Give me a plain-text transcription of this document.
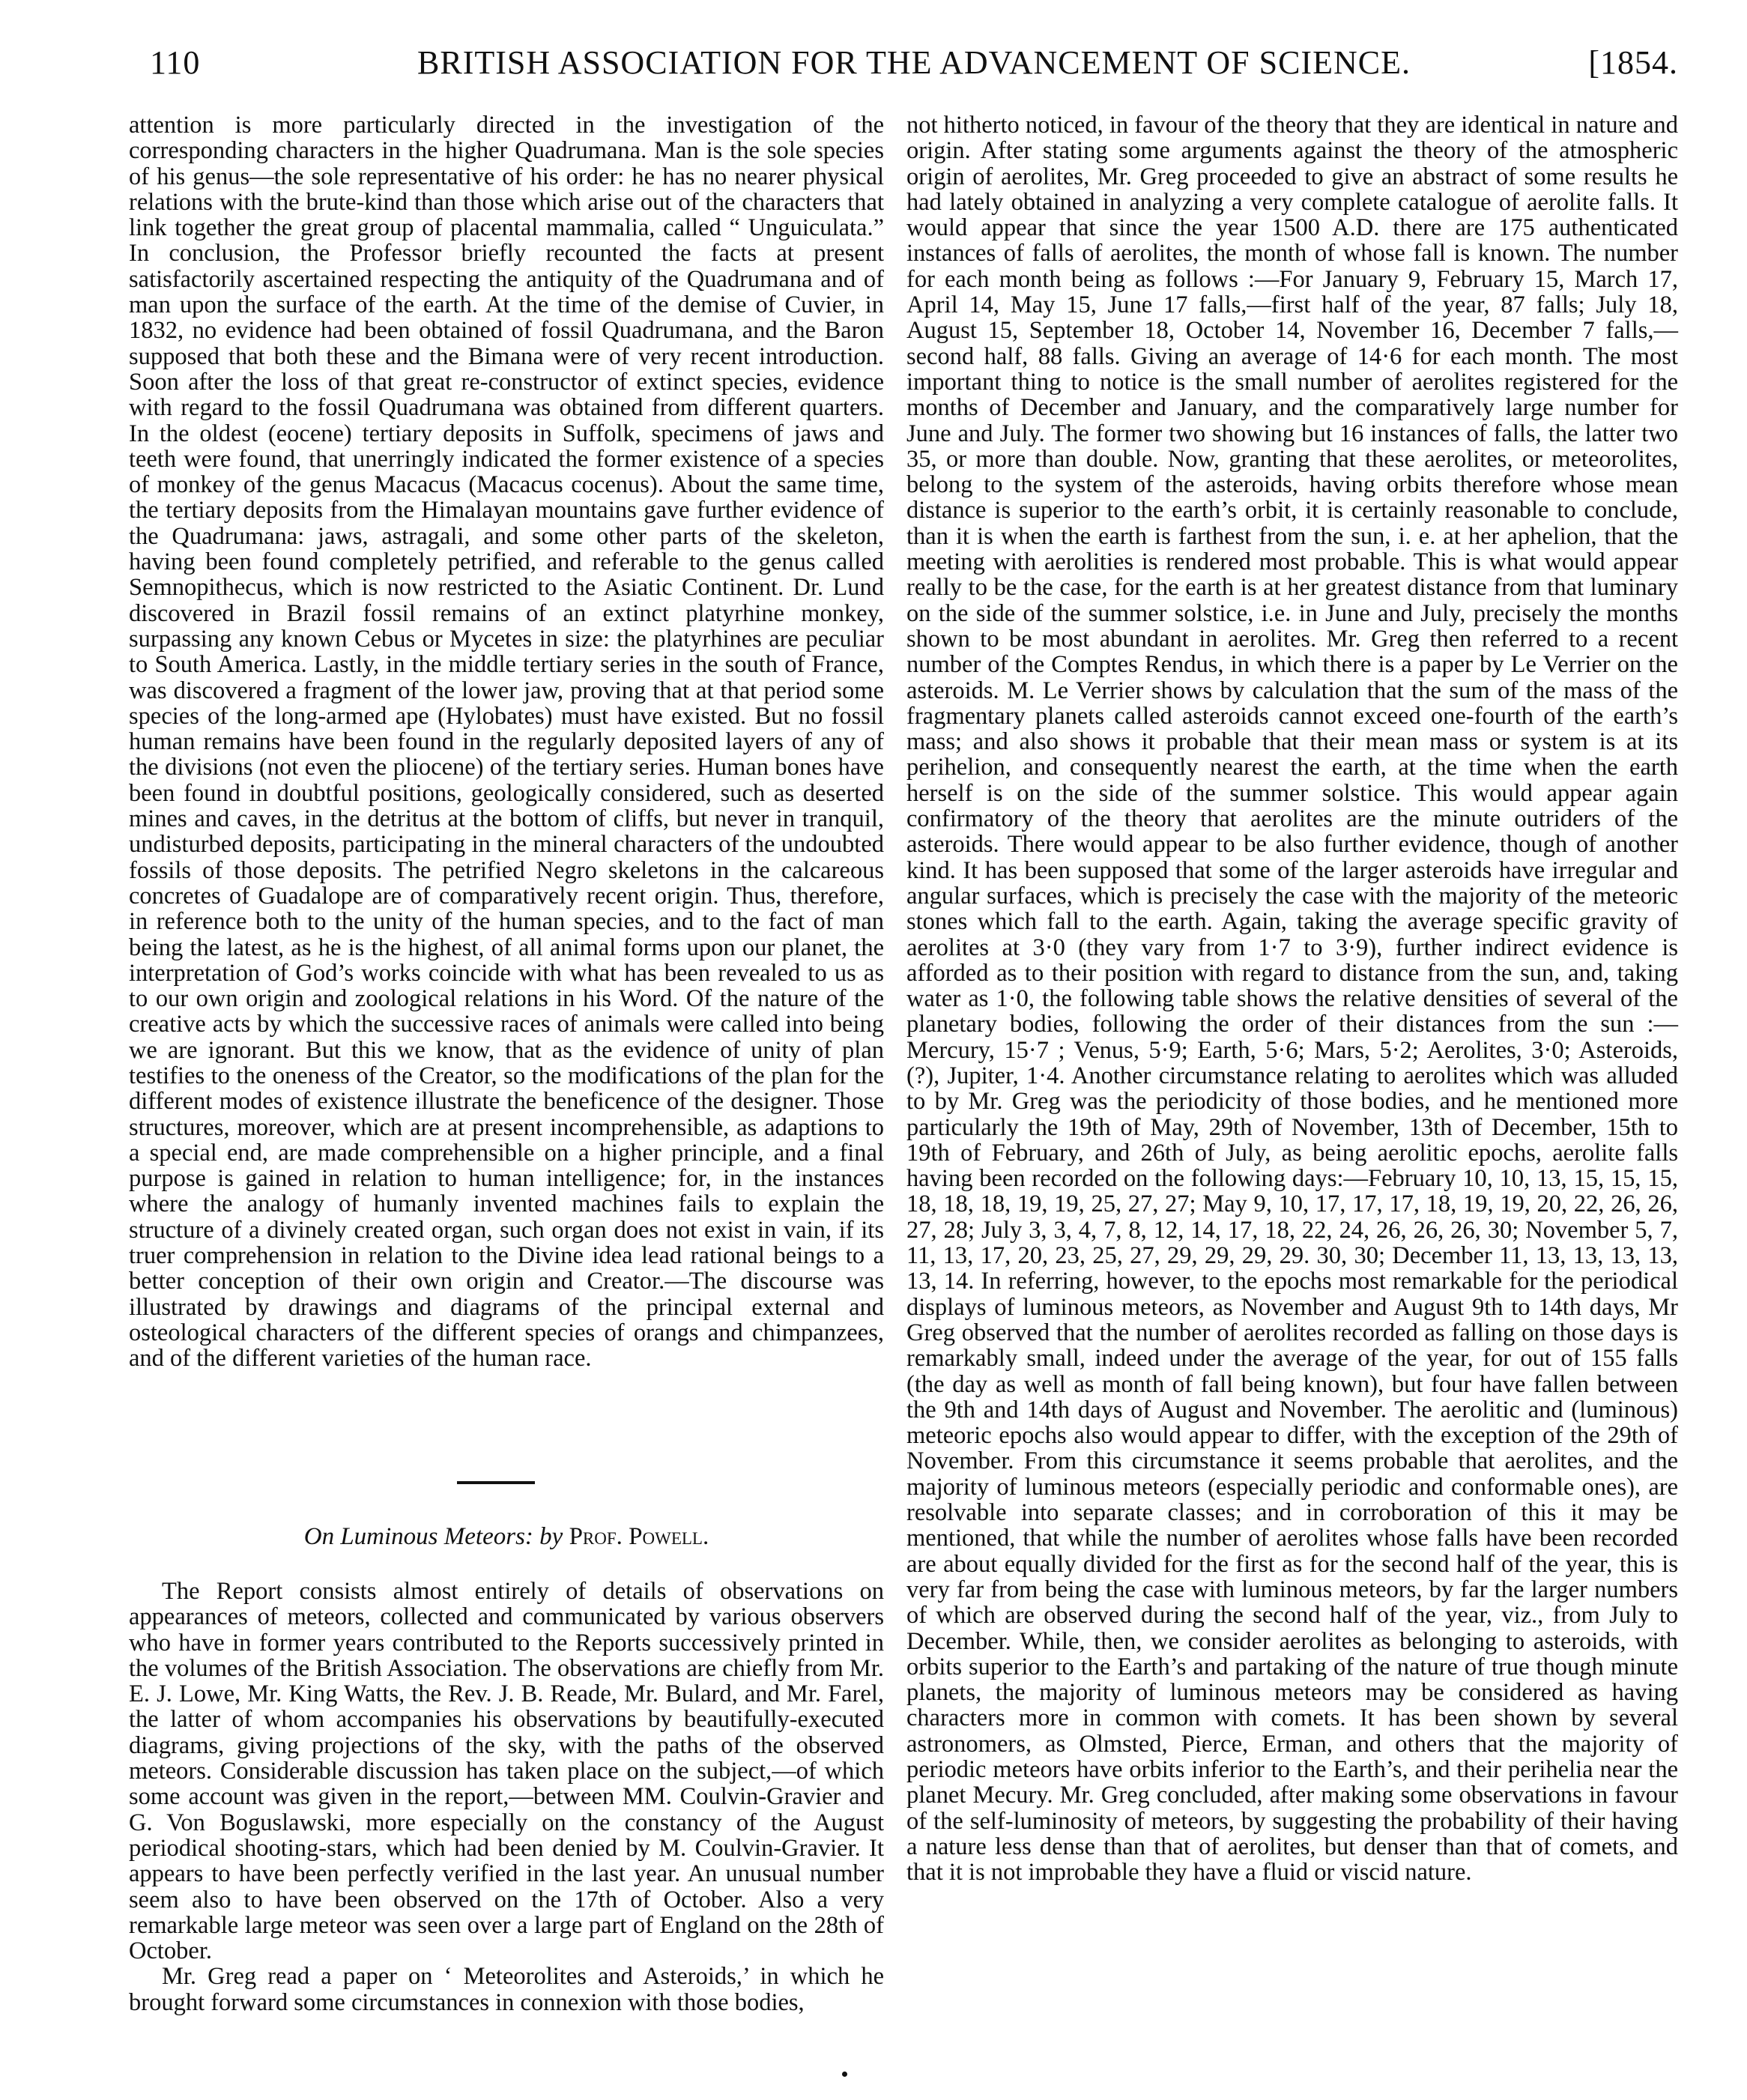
110	BRITISH ASSOCIATION FOR THE ADVANCEMENT OF SCIENCE.	[1854.

attention is more particularly directed in the investigation of the corresponding characters in the higher Quadrumana. Man is the sole species of his genus—the sole representative of his order: he has no nearer physical relations with the brute-kind than those which arise out of the characters that link together the great group of placental mammalia, called “ Unguiculata.” In conclusion, the Professor briefly recounted the facts at present satisfactorily ascertained respecting the antiquity of the Quadrumana and of man upon the surface of the earth. At the time of the demise of Cuvier, in 1832, no evidence had been obtained of fossil Quadrumana, and the Baron supposed that both these and the Bimana were of very recent introduction. Soon after the loss of that great re-constructor of extinct species, evidence with regard to the fossil Quadrumana was obtained from different quarters. In the oldest (eocene) tertiary deposits in Suffolk, specimens of jaws and teeth were found, that unerringly indicated the former existence of a species of monkey of the genus Macacus (Macacus cocenus). About the same time, the tertiary deposits from the Himalayan mountains gave further evidence of the Quadrumana: jaws, astragali, and some other parts of the skeleton, having been found completely petrified, and referable to the genus called Semnopithecus, which is now restricted to the Asiatic Continent. Dr. Lund discovered in Brazil fossil remains of an extinct platyrhine monkey, surpassing any known Cebus or Mycetes in size: the platyrhines are peculiar to South America. Lastly, in the middle tertiary series in the south of France, was discovered a fragment of the lower jaw, proving that at that period some species of the long-armed ape (Hylobates) must have existed. But no fossil human remains have been found in the regularly deposited layers of any of the divisions (not even the pliocene) of the tertiary series. Human bones have been found in doubtful positions, geologically considered, such as deserted mines and caves, in the detritus at the bottom of cliffs, but never in tranquil, undisturbed deposits, participating in the mineral characters of the undoubted fossils of those deposits. The petrified Negro skeletons in the calcareous concretes of Guadalope are of comparatively recent origin. Thus, therefore, in reference both to the unity of the human species, and to the fact of man being the latest, as he is the highest, of all animal forms upon our planet, the interpretation of God’s works coincide with what has been revealed to us as to our own origin and zoological relations in his Word. Of the nature of the creative acts by which the successive races of animals were called into being we are ignorant. But this we know, that as the evidence of unity of plan testifies to the oneness of the Creator, so the modifications of the plan for the different modes of existence illustrate the beneficence of the designer. Those structures, moreover, which are at present incomprehensible, as adaptions to a special end, are made comprehensible on a higher principle, and a final purpose is gained in relation to human intelligence; for, in the instances where the analogy of humanly invented machines fails to explain the structure of a divinely created organ, such organ does not exist in vain, if its truer comprehension in relation to the Divine idea lead rational beings to a better conception of their own origin and Creator.—The discourse was illustrated by drawings and diagrams of the principal external and osteological characters of the different species of orangs and chimpanzees, and of the different varieties of the human race.

On Luminous Meteors: by Prof. Powell.

The Report consists almost entirely of details of observations on appearances of meteors, collected and communicated by various observers who have in former years contributed to the Reports successively printed in the volumes of the British Association. The observations are chiefly from Mr. E. J. Lowe, Mr. King Watts, the Rev. J. B. Reade, Mr. Bulard, and Mr. Farel, the latter of whom accompanies his observations by beautifully-executed diagrams, giving projections of the sky, with the paths of the observed meteors. Considerable discussion has taken place on the subject,—of which some account was given in the report,—between MM. Coulvin-Gravier and G. Von Boguslawski, more especially on the constancy of the August periodical shooting-stars, which had been denied by M. Coulvin-Gravier. It appears to have been perfectly verified in the last year. An unusual number seem also to have been observed on the 17th of October. Also a very remarkable large meteor was seen over a large part of England on the 28th of October.

Mr. Greg read a paper on ‘ Meteorolites and Asteroids,’ in which he brought forward some circumstances in connexion with those bodies,

not hitherto noticed, in favour of the theory that they are identical in nature and origin. After stating some arguments against the theory of the atmospheric origin of aerolites, Mr. Greg proceeded to give an abstract of some results he had lately obtained in analyzing a very complete catalogue of aerolite falls. It would appear that since the year 1500 A.D. there are 175 authenticated instances of falls of aerolites, the month of whose fall is known. The number for each month being as follows :—For January 9, February 15, March 17, April 14, May 15, June 17 falls,—first half of the year, 87 falls; July 18, August 15, September 18, October 14, November 16, December 7 falls,—second half, 88 falls. Giving an average of 14·6 for each month. The most important thing to notice is the small number of aerolites registered for the months of December and January, and the comparatively large number for June and July. The former two showing but 16 instances of falls, the latter two 35, or more than double. Now, granting that these aerolites, or meteorolites, belong to the system of the asteroids, having orbits therefore whose mean distance is superior to the earth’s orbit, it is certainly reasonable to conclude, than it is when the earth is farthest from the sun, i. e. at her aphelion, that the meeting with aerolities is rendered most probable. This is what would appear really to be the case, for the earth is at her greatest distance from that luminary on the side of the summer solstice, i.e. in June and July, precisely the months shown to be most abundant in aerolites. Mr. Greg then referred to a recent number of the Comptes Rendus, in which there is a paper by Le Verrier on the asteroids. M. Le Verrier shows by calculation that the sum of the mass of the fragmentary planets called asteroids cannot exceed one-fourth of the earth’s mass; and also shows it probable that their mean mass or system is at its perihelion, and consequently nearest the earth, at the time when the earth herself is on the side of the summer solstice. This would appear again confirmatory of the theory that aerolites are the minute outriders of the asteroids. There would appear to be also further evidence, though of another kind. It has been supposed that some of the larger asteroids have irregular and angular surfaces, which is precisely the case with the majority of the meteoric stones which fall to the earth. Again, taking the average specific gravity of aerolites at 3·0 (they vary from 1·7 to 3·9), further indirect evidence is afforded as to their position with regard to distance from the sun, and, taking water as 1·0, the following table shows the relative densities of several of the planetary bodies, following the order of their distances from the sun :—Mercury, 15·7 ; Venus, 5·9; Earth, 5·6; Mars, 5·2; Aerolites, 3·0; Asteroids, (?), Jupiter, 1·4. Another circumstance relating to aerolites which was alluded to by Mr. Greg was the periodicity of those bodies, and he mentioned more particularly the 19th of May, 29th of November, 13th of December, 15th to 19th of February, and 26th of July, as being aerolitic epochs, aerolite falls having been recorded on the following days:—February 10, 10, 13, 15, 15, 15, 18, 18, 18, 19, 19, 25, 27, 27; May 9, 10, 17, 17, 17, 18, 19, 19, 20, 22, 26, 26, 27, 28; July 3, 3, 4, 7, 8, 12, 14, 17, 18, 22, 24, 26, 26, 26, 30; November 5, 7, 11, 13, 17, 20, 23, 25, 27, 29, 29, 29, 29. 30, 30; December 11, 13, 13, 13, 13, 13, 14. In referring, however, to the epochs most remarkable for the periodical displays of luminous meteors, as November and August 9th to 14th days, Mr Greg observed that the number of aerolites recorded as falling on those days is remarkably small, indeed under the average of the year, for out of 155 falls (the day as well as month of fall being known), but four have fallen between the 9th and 14th days of August and November. The aerolitic and (luminous) meteoric epochs also would appear to differ, with the exception of the 29th of November. From this circumstance it seems probable that aerolites, and the majority of luminous meteors (especially periodic and conformable ones), are resolvable into separate classes; and in corroboration of this it may be mentioned, that while the number of aerolites whose falls have been recorded are about equally divided for the first as for the second half of the year, this is very far from being the case with luminous meteors, by far the larger numbers of which are observed during the second half of the year, viz., from July to December. While, then, we consider aerolites as belonging to asteroids, with orbits superior to the Earth’s and partaking of the nature of true though minute planets, the majority of luminous meteors may be considered as having characters more in common with comets. It has been shown by several astronomers, as Olmsted, Pierce, Erman, and others that the majority of periodic meteors have orbits inferior to the Earth’s, and their perihelia near the planet Mecury. Mr. Greg concluded, after making some observations in favour of the self-luminosity of meteors, by suggesting the probability of their having a nature less dense than that of aerolites, but denser than that of comets, and that it is not improbable they have a fluid or viscid nature.
